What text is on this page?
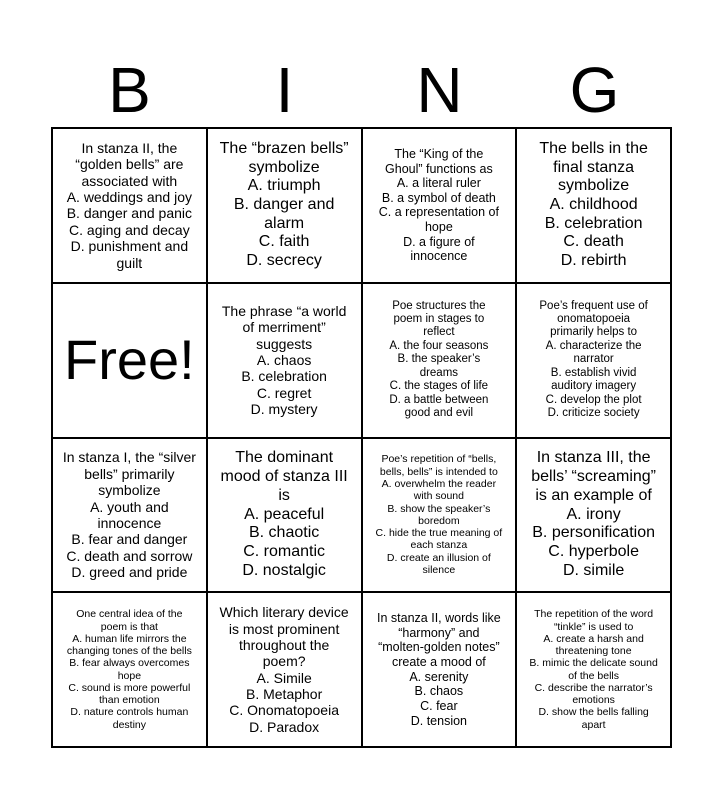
B	I	N	G
In stanza II, the
“golden bells” are
associated with
A. weddings and joy
B. danger and panic
C. aging and decay
D. punishment and
guilt
The “brazen bells”
symbolize
A. triumph
B. danger and
alarm
C. faith
D. secrecy
The “King of the
Ghoul” functions as
A. a literal ruler
B. a symbol of death
C. a representation of
hope
D. a figure of
innocence
The bells in the
final stanza
symbolize
A. childhood
B. celebration
C. death
D. rebirth
Free!
The phrase “a world
of merriment”
suggests
A. chaos
B. celebration
C. regret
D. mystery
Poe structures the
poem in stages to
reflect
A. the four seasons
B. the speaker’s
dreams
C. the stages of life
D. a battle between
good and evil
Poe’s frequent use of
onomatopoeia
primarily helps to
A. characterize the
narrator
B. establish vivid
auditory imagery
C. develop the plot
D. criticize society
In stanza I, the “silver
bells” primarily
symbolize
A. youth and
innocence
B. fear and danger
C. death and sorrow
D. greed and pride
The dominant
mood of stanza III
is
A. peaceful
B. chaotic
C. romantic
D. nostalgic
Poe’s repetition of “bells,
bells, bells” is intended to
A. overwhelm the reader
with sound
B. show the speaker’s
boredom
C. hide the true meaning of
each stanza
D. create an illusion of
silence
In stanza III, the
bells’ “screaming”
is an example of
A. irony
B. personification
C. hyperbole
D. simile
One central idea of the
poem is that
A. human life mirrors the
changing tones of the bells
B. fear always overcomes
hope
C. sound is more powerful
than emotion
D. nature controls human
destiny
Which literary device
is most prominent
throughout the
poem?
A. Simile
B. Metaphor
C. Onomatopoeia
D. Paradox
In stanza II, words like
“harmony” and
“molten-golden notes”
create a mood of
A. serenity
B. chaos
C. fear
D. tension
The repetition of the word
“tinkle” is used to
A. create a harsh and
threatening tone
B. mimic the delicate sound
of the bells
C. describe the narrator’s
emotions
D. show the bells falling
apart
